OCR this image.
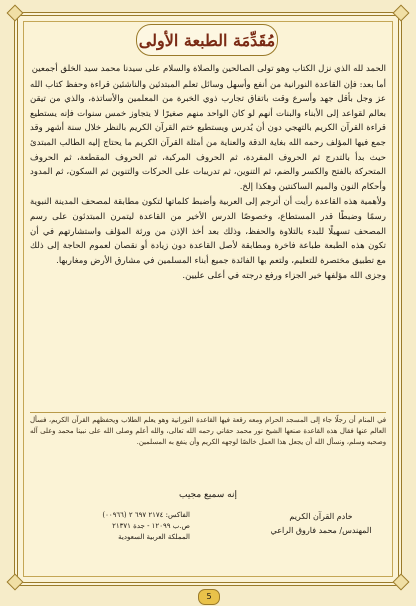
مُقَدِّمَة الطبعة الأولى

الحمد لله الذي نزل الكتاب وهو تولى الصالحين والصلاة والسلام على سيدنا محمد سيد الخلق أجمعين

أما بعد: فإن القاعدة النورانية من أنفع وأسهل وسائل تعلم المبتدئين والناشئين قراءة وحفظ كتاب الله عز وجل بأقل جهد وأسرع وقت باتفاق تجارب ذوي الخبرة من المعلمين والأساتذة، والذي من تيقن بعالم لقواعد إلى الأبناء والبنات أنهم لو كان الواحد منهم صغيرًا لا يتجاوز خمس سنوات فإنه يستطيع قراءة القرآن الكريم بالتهجي دون أن يُدرس ويستطيع ختم القرآن الكريم بالنظر خلال سنة أشهر وقد جمع فيها المؤلف رحمه الله بغاية الدقة والعناية من أمثلة القرآن الكريم ما يحتاج إليه الطالب المبتدئ حيث بدأ بالتدرج ثم الحروف المفردة، ثم الحروف المركبة، ثم الحروف المقطعة، ثم الحروف المتحركة بالفتح والكسر والضم، ثم التنوين، ثم تدريبات على الحركات والتنوين ثم السكون، ثم المدود وأحكام النون والميم الساكنتين وهكذا إلخ.

ولأهمية هذه القاعدة رأيت أن أترجم إلى العربية وأضبط كلماتها لتكون مطابقة لمصحف المدينة النبوية رسمًا وضبطًا قدر المستطاع، وخصوصًا الدرس الأخير من القاعدة ليتمرن المبتدئون على رسم المصحف تسهيلًا للبدء بالتلاوة والحفظ، وذلك بعد أخذ الإذن من ورثة المؤلف واستشارتهم في أن تكون هذه الطبعة طباعة فاخرة ومطابقة لأصل القاعدة دون زيادة أو نقصان لعموم الحاجة إلى ذلك مع تطبيق مختصرة للتعليم، ولتعم بها الفائدة جميع أبناء المسلمين في مشارق الأرض ومغاربها.

وجزى الله مؤلفها خير الجزاء ورفع درجته في أعلى عليين.

في المنام أن رجلًا جاء إلى المسجد الحرام ومعه رقعة فيها القاعدة النورانية وهو يعلم الطلاب ويحفظهم القرآن الكريم، فسأل العالم عنها فقال هذه القاعدة صنعها الشيخ نور محمد حقاني رحمه الله تعالى، والله أعلم وصلى الله على نبينا محمد وعلى آله وصحبه وسلم، ونسأل الله أن يجعل هذا العمل خالصًا لوجهه الكريم وأن ينفع به المسلمين.

إنه سميع مجيب
خادم القرآن الكريم
المهندس/ محمد فاروق الراعي
الفاكس: ٢١٧٤ ٦٩٧ ٢ (٠٠٩٦٦)
ص.ب ١٢٠٩٩ - جدة ٢١٣٧١
المملكة العربية السعودية
5
